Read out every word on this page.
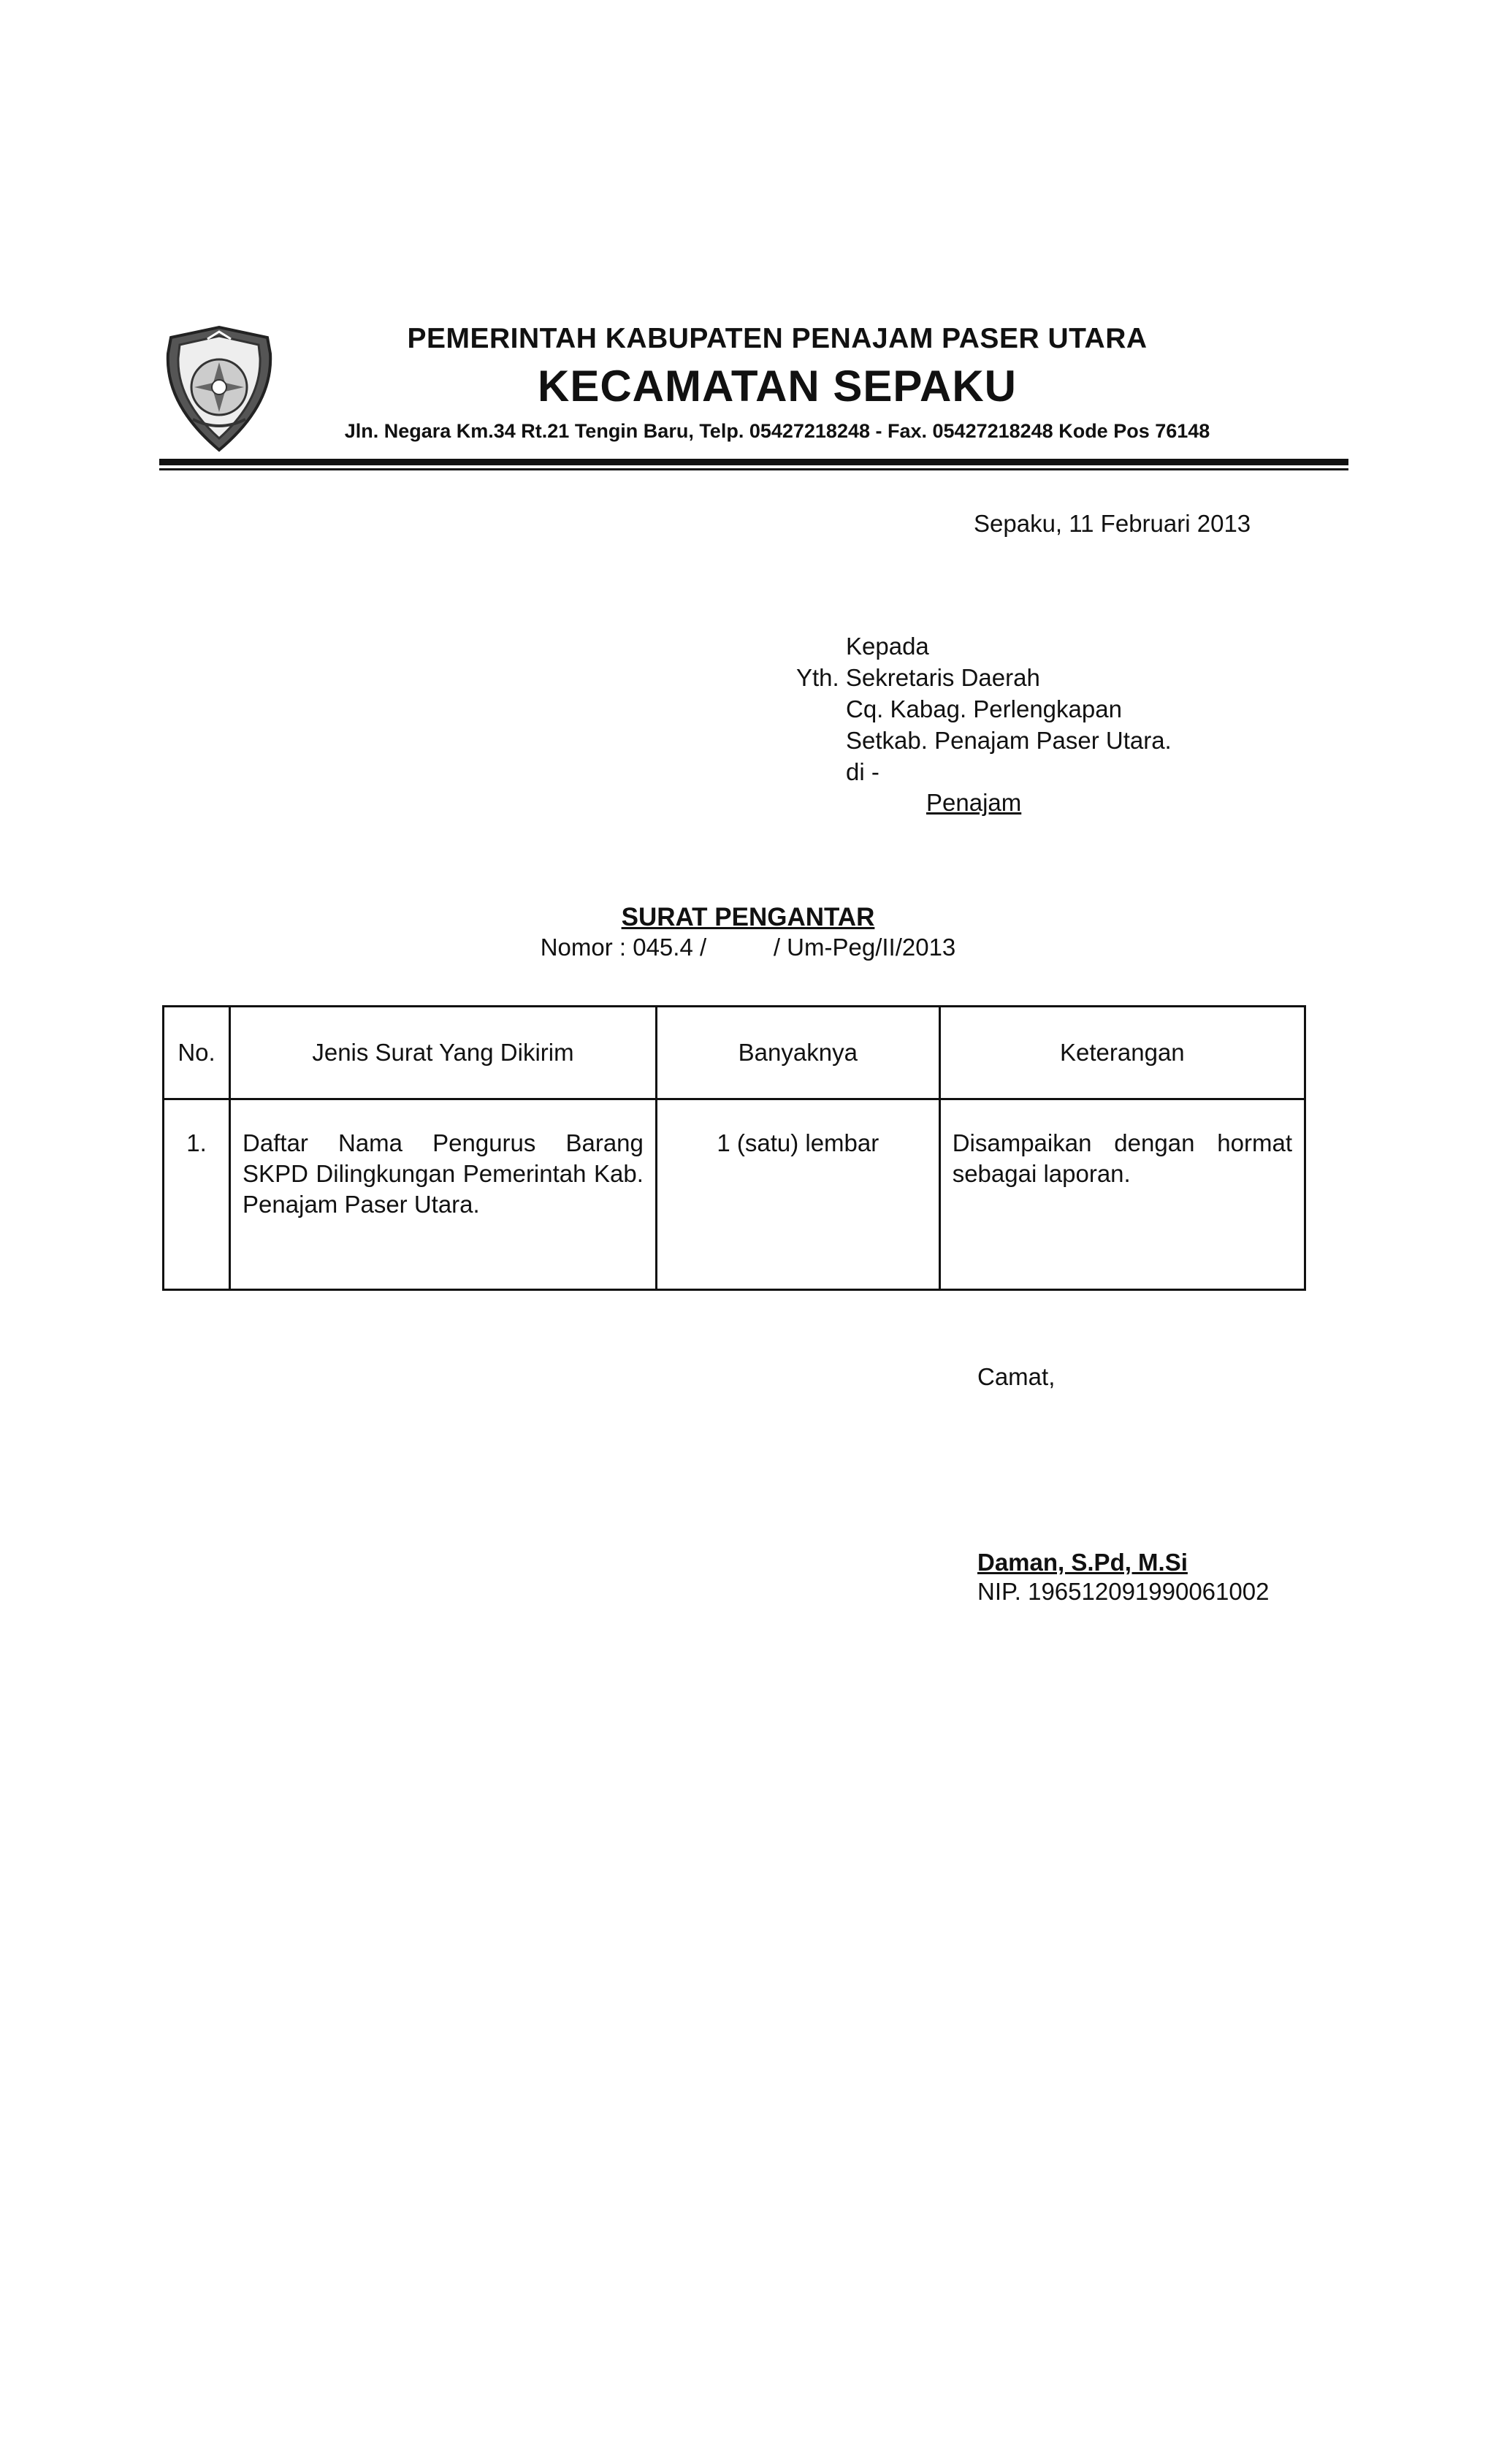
PEMERINTAH KABUPATEN PENAJAM PASER UTARA
KECAMATAN SEPAKU
Jln. Negara Km.34 Rt.21 Tengin Baru, Telp. 05427218248 - Fax. 05427218248 Kode Pos 76148
Sepaku, 11 Februari 2013
Kepada
Yth. Sekretaris Daerah
Cq. Kabag. Perlengkapan
Setkab. Penajam Paser Utara.
di -
Penajam
SURAT PENGANTAR
Nomor : 045.4 /          / Um-Peg/II/2013
No.	Jenis Surat Yang Dikirim	Banyaknya	Keterangan
1.	Daftar Nama Pengurus Barang SKPD Dilingkungan Pemerintah Kab. Penajam Paser Utara.	1 (satu) lembar	Disampaikan dengan hormat sebagai laporan.
Camat,
Daman, S.Pd, M.Si
NIP. 196512091990061002
